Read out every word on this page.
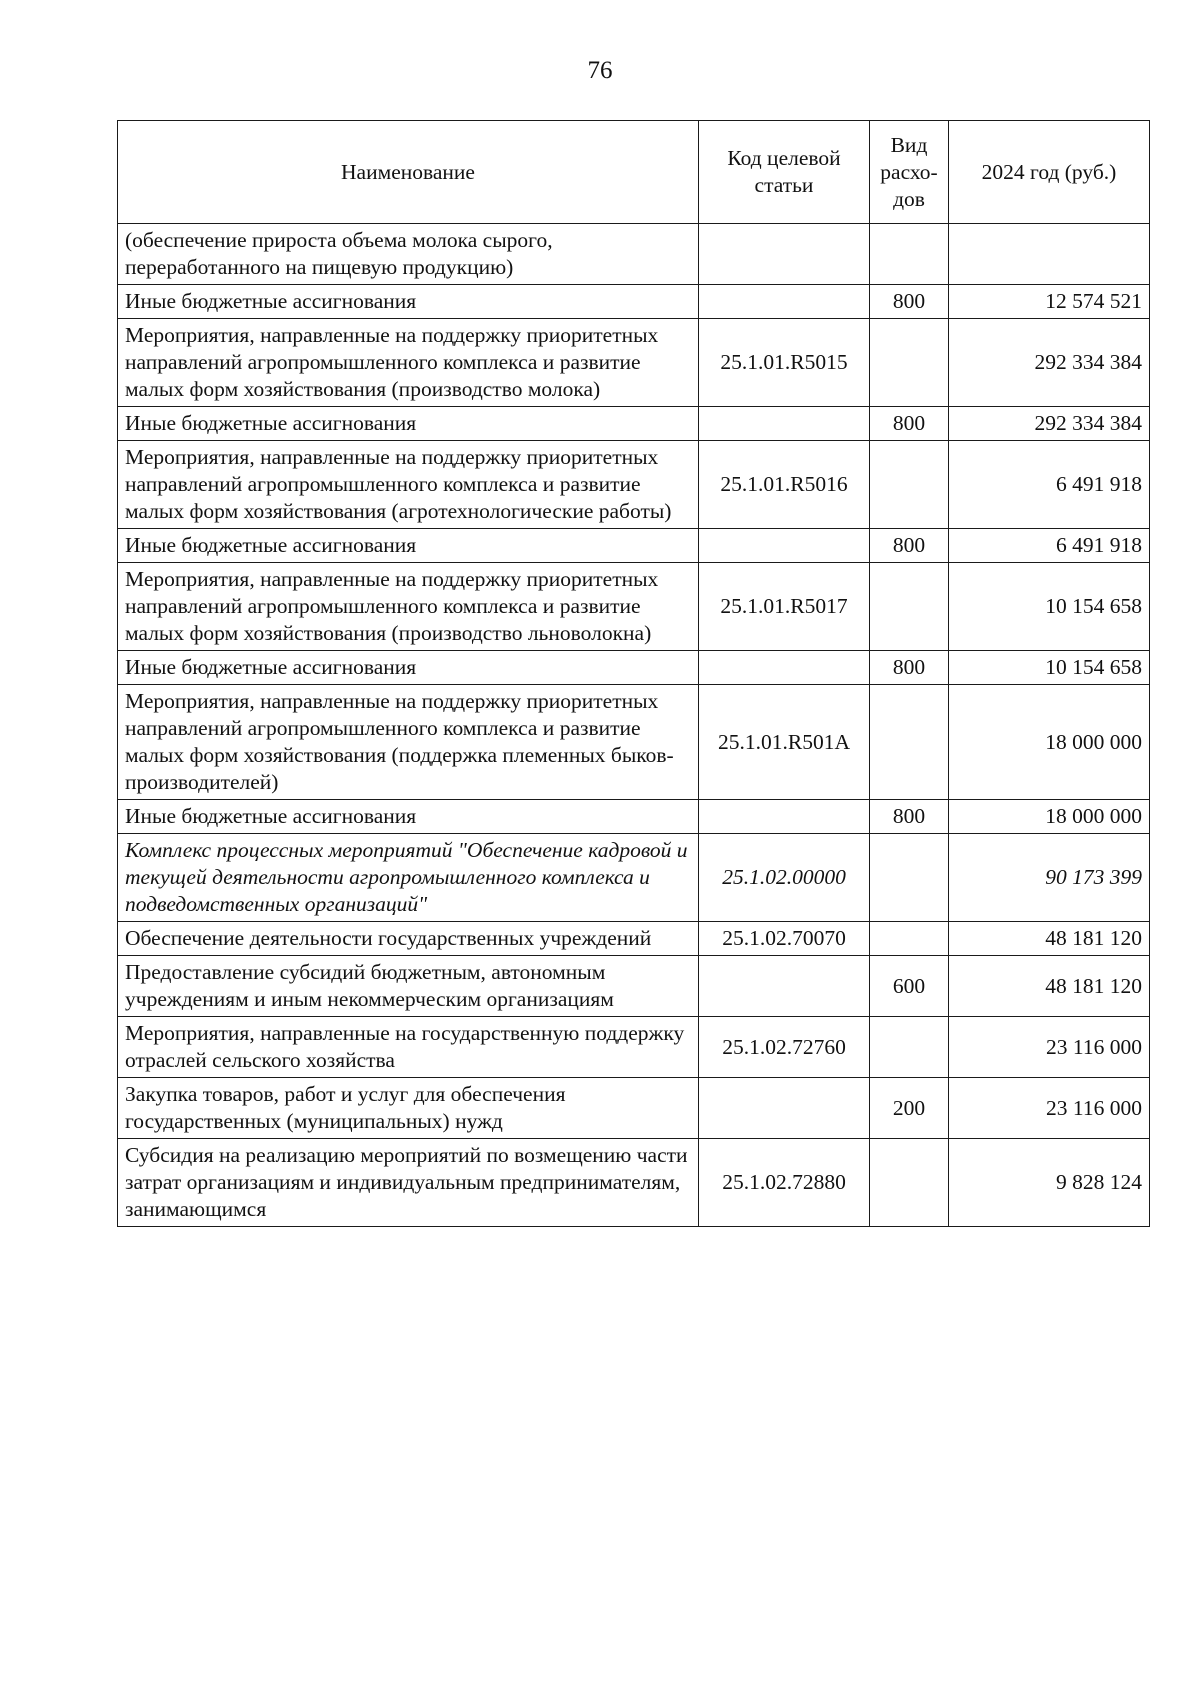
76
Наименование	Код целевой статьи	Вид расхо-дов	2024 год (руб.)
(обеспечение прироста объема молока сырого, переработанного на пищевую продукцию)			
Иные бюджетные ассигнования		800	12 574 521
Мероприятия, направленные на поддержку приоритетных направлений агропромышленного комплекса и развитие малых форм хозяйствования (производство молока)	25.1.01.R5015		292 334 384
Иные бюджетные ассигнования		800	292 334 384
Мероприятия, направленные на поддержку приоритетных направлений агропромышленного комплекса и развитие малых форм хозяйствования (агротехнологические работы)	25.1.01.R5016		6 491 918
Иные бюджетные ассигнования		800	6 491 918
Мероприятия, направленные на поддержку приоритетных направлений агропромышленного комплекса и развитие малых форм хозяйствования (производство льноволокна)	25.1.01.R5017		10 154 658
Иные бюджетные ассигнования		800	10 154 658
Мероприятия, направленные на поддержку приоритетных направлений агропромышленного комплекса и развитие малых форм хозяйствования (поддержка племенных быков-производителей)	25.1.01.R501A		18 000 000
Иные бюджетные ассигнования		800	18 000 000
Комплекс процессных мероприятий "Обеспечение кадровой и текущей деятельности агропромышленного комплекса и подведомственных организаций"	25.1.02.00000		90 173 399
Обеспечение деятельности государственных учреждений	25.1.02.70070		48 181 120
Предоставление субсидий бюджетным, автономным учреждениям и иным некоммерческим организациям		600	48 181 120
Мероприятия, направленные на государственную поддержку отраслей сельского хозяйства	25.1.02.72760		23 116 000
Закупка товаров, работ и услуг для обеспечения государственных (муниципальных) нужд		200	23 116 000
Субсидия на реализацию мероприятий по возмещению части затрат организациям и индивидуальным предпринимателям, занимающимся	25.1.02.72880		9 828 124
